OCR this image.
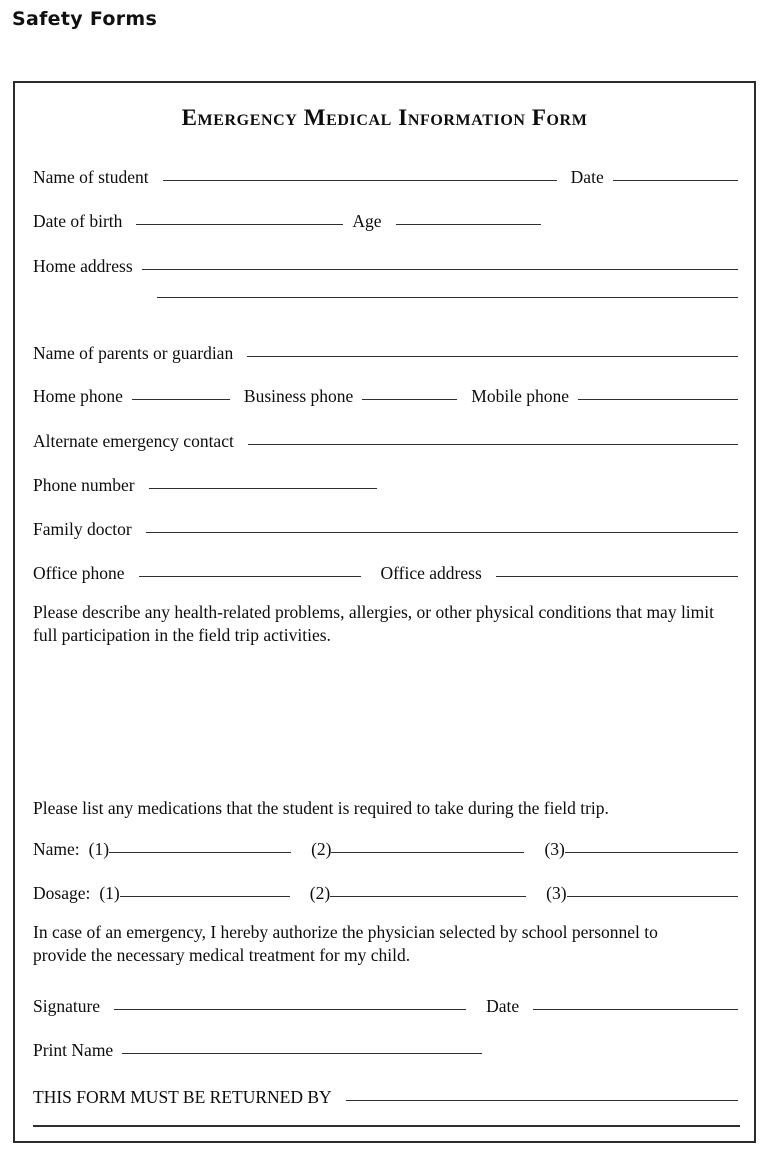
Safety Forms
Emergency Medical Information Form
Name of student	Date
Date of birth	Age
Home address
Name of parents or guardian
Home phone	Business phone	Mobile phone
Alternate emergency contact
Phone number
Family doctor
Office phone	Office address
Please describe any health-related problems, allergies, or other physical conditions that may limit full participation in the field trip activities.
Please list any medications that the student is required to take during the field trip.
Name: (1)	(2)	(3)
Dosage: (1)	(2)	(3)
In case of an emergency, I hereby authorize the physician selected by school personnel to provide the necessary medical treatment for my child.
Signature	Date
Print Name
THIS FORM MUST BE RETURNED BY
